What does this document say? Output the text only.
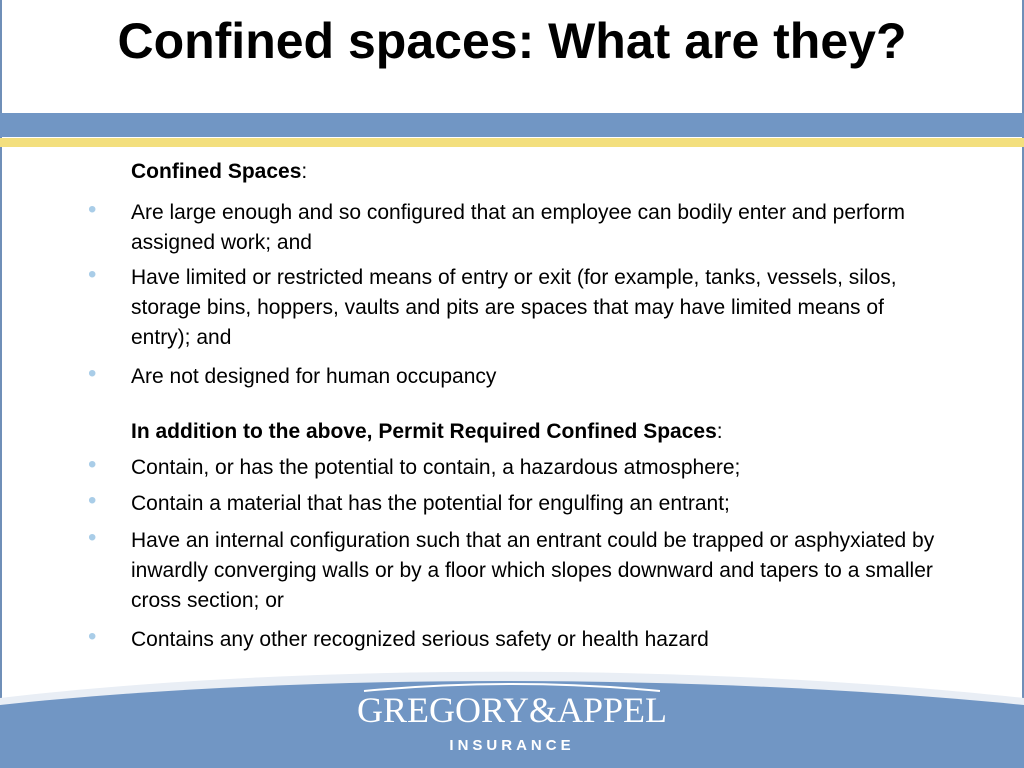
Confined spaces: What are they?
Confined Spaces:
• Are large enough and so configured that an employee can bodily enter and perform assigned work; and
• Have limited or restricted means of entry or exit (for example, tanks, vessels, silos, storage bins, hoppers, vaults and pits are spaces that may have limited means of entry); and
• Are not designed for human occupancy
In addition to the above, Permit Required Confined Spaces:
• Contain, or has the potential to contain, a hazardous atmosphere;
• Contain a material that has the potential for engulfing an entrant;
• Have an internal configuration such that an entrant could be trapped or asphyxiated by inwardly converging walls or by a floor which slopes downward and tapers to a smaller cross section; or
• Contains any other recognized serious safety or health hazard
GREGORY&APPEL
INSURANCE
